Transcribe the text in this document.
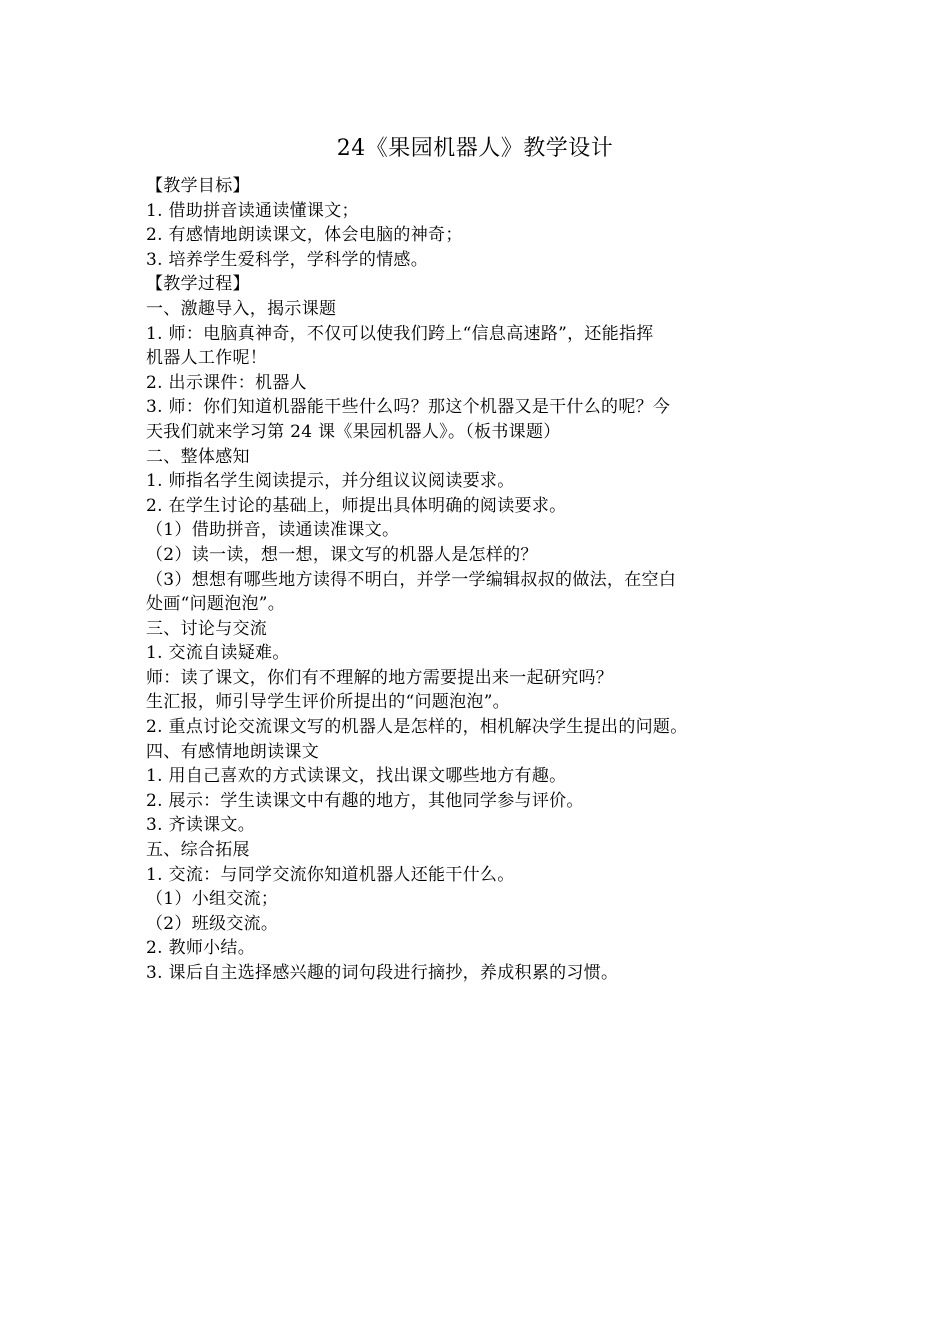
24《果园机器人》教学设计
【教学目标】
1. 借助拼音读通读懂课文；
2. 有感情地朗读课文，体会电脑的神奇；
3. 培养学生爱科学，学科学的情感。
【教学过程】
一、激趣导入，揭示课题
1. 师：电脑真神奇，不仅可以使我们跨上“信息高速路”，还能指挥
机器人工作呢！
2. 出示课件：机器人
3. 师：你们知道机器能干些什么吗？那这个机器又是干什么的呢？今
天我们就来学习第 24 课《果园机器人》。（板书课题）
二、整体感知
1. 师指名学生阅读提示，并分组议议阅读要求。
2. 在学生讨论的基础上，师提出具体明确的阅读要求。
（1）借助拼音，读通读准课文。
（2）读一读，想一想，课文写的机器人是怎样的？
（3）想想有哪些地方读得不明白，并学一学编辑叔叔的做法，在空白
处画“问题泡泡”。
三、讨论与交流
1. 交流自读疑难。
师：读了课文，你们有不理解的地方需要提出来一起研究吗？
生汇报，师引导学生评价所提出的“问题泡泡”。
2. 重点讨论交流课文写的机器人是怎样的，相机解决学生提出的问题。
四、有感情地朗读课文
1. 用自己喜欢的方式读课文，找出课文哪些地方有趣。
2. 展示：学生读课文中有趣的地方，其他同学参与评价。
3. 齐读课文。
五、综合拓展
1. 交流：与同学交流你知道机器人还能干什么。
（1）小组交流；
（2）班级交流。
2. 教师小结。
3. 课后自主选择感兴趣的词句段进行摘抄，养成积累的习惯。
